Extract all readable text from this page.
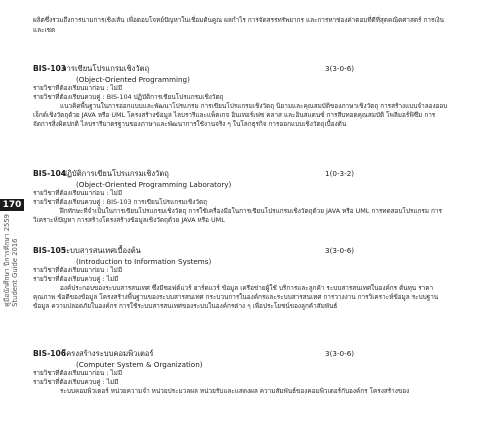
ผลิตซึ่งรวมถึงการนามการเชิงเส้น เพื่อตอบโจทย์ปัญหาในเชื่อมต้นคูณ ผลกำไร การจัดสรรทรัพยากร และการหาช่องค่าตอบที่ดีที่สุดคณิตศาสตร์ การเงิน และเชต
170
คู่มือนักศึกษา ปีการศึกษา 2559 Student Guide 2016
BIS-103
การเขียนโปรแกรมเชิงวัตถุ	3(3-0-6)
(Object-Oriented Programming)
รายวิชาที่ต้องเรียนมาก่อน : ไม่มี
รายวิชาที่ต้องเรียนควบคู่ : BIS-104 ปฏิบัติการเขียนโปรแกรมเชิงวัตถุ
แนวคิดพื้นฐานในการออกแบบและพัฒนาโปรแกรม การเขียนโปรแกรมเชิงวัตถุ นิยามและคุณสมบัติของภาษาเชิงวัตถุ การสร้างแบบจำลองออบเจ็กต์เชิงวัตถุด้วย JAVA หรือ UML โครงสร้างข้อมูล ไลบรารีและแพ็คเกจ อินเทอร์เฟซ คลาส และอินสแตนซ์ การสืบทอดคุณสมบัติ โพลีมอร์ฟิซึม การจัดการสิ่งผิดปกติ ไลบรารีมาตรฐานของภาษาและพัฒนาการใช้งานจริง ๆ ในโลกธุรกิจ การออกแบบเชิงวัตถุเบื้องต้น
BIS-104
ปฏิบัติการเขียนโปรแกรมเชิงวัตถุ	1(0-3-2)
(Object-Oriented Programming Laboratory)
รายวิชาที่ต้องเรียนมาก่อน : ไม่มี
รายวิชาที่ต้องเรียนควบคู่ : BIS-103 การเขียนโปรแกรมเชิงวัตถุ
ฝึกทักษะที่จำเป็นในการเขียนโปรแกรมเชิงวัตถุ การใช้เครื่องมือในการเขียนโปรแกรมเชิงวัตถุด้วย JAVA หรือ UML การทดสอบโปรแกรม การวิเคราะห์ปัญหา การสร้างโครงสร้างข้อมูลเชิงวัตถุด้วย JAVA หรือ UML
BIS-105
ระบบสารสนเทศเบื้องต้น	3(3-0-6)
(Introduction to Information Systems)
รายวิชาที่ต้องเรียนมาก่อน : ไม่มี
รายวิชาที่ต้องเรียนควบคู่ : ไม่มี
องค์ประกอบของระบบสารสนเทศ ซึ่งมีซอฟต์แวร์ ฮาร์ดแวร์ ข้อมูล เครือข่ายผู้ใช้ บริการและลูกค้า ระบบสารสนเทศในองค์กร ต้นทุน ราคา คุณภาพ ข้อดีของข้อมูล โครงสร้างพื้นฐานของระบบสารสนเทศ กระบวนการในองค์กรและระบบสารสนเทศ การวางงาน การวิเคราะห์ข้อมูล ระบบฐานข้อมูล ความปลอดภัยในองค์กร การใช้ระบบสารสนเทศของระบบในองค์กรต่าง ๆ เพื่อประโยชน์ของลูกค้าสัมพันธ์
BIS-106
โครงสร้างระบบคอมพิวเตอร์	3(3-0-6)
(Computer System & Organization)
รายวิชาที่ต้องเรียนมาก่อน : ไม่มี
รายวิชาที่ต้องเรียนควบคู่ : ไม่มี
ระบบคอมพิวเตอร์ หน่วยความจำ หน่วยประมวลผล หน่วยรับและแสดงผล ความสัมพันธ์ของคอมพิวเตอร์กับองค์กร โครงสร้างของ
